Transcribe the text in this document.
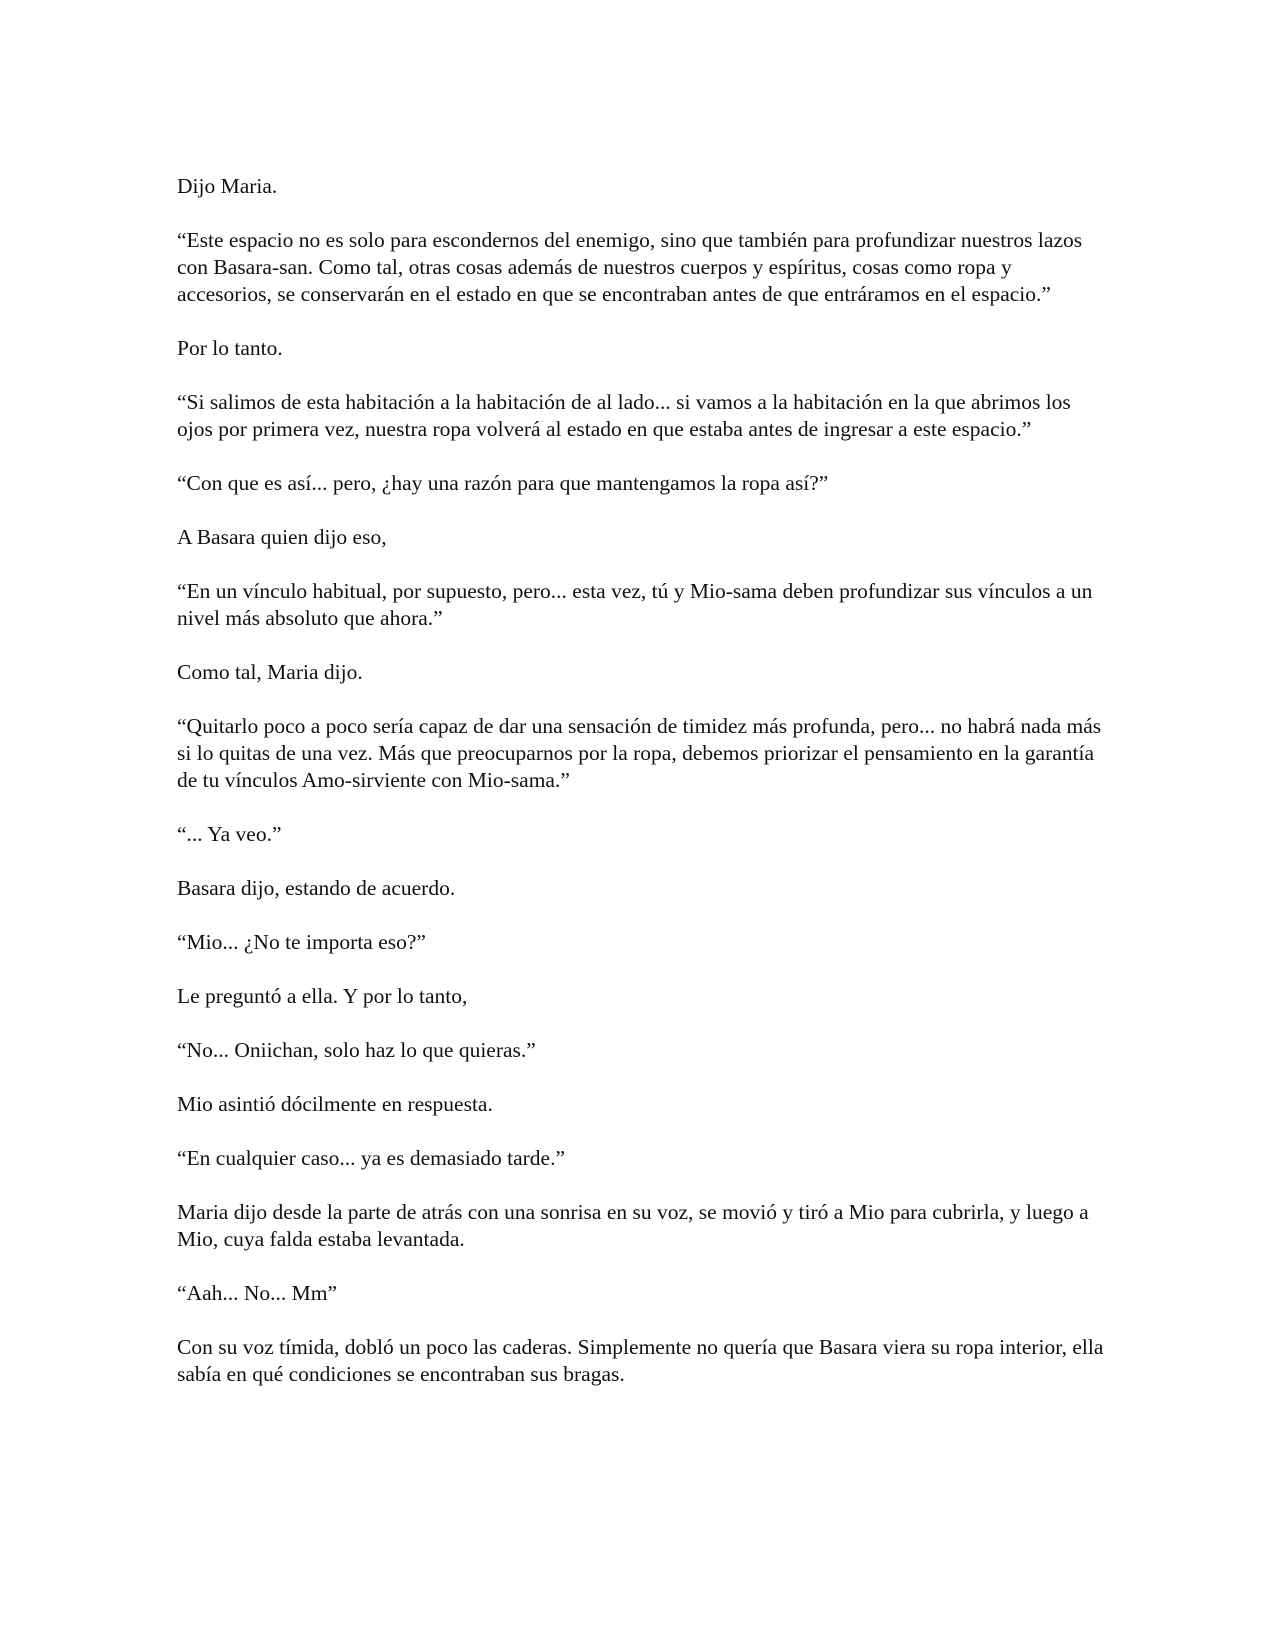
Dijo Maria.

“Este espacio no es solo para escondernos del enemigo, sino que también para profundizar nuestros lazos con Basara-san. Como tal, otras cosas además de nuestros cuerpos y espíritus, cosas como ropa y accesorios, se conservarán en el estado en que se encontraban antes de que entráramos en el espacio.”

Por lo tanto.

“Si salimos de esta habitación a la habitación de al lado... si vamos a la habitación en la que abrimos los ojos por primera vez, nuestra ropa volverá al estado en que estaba antes de ingresar a este espacio.”

“Con que es así... pero, ¿hay una razón para que mantengamos la ropa así?”

A Basara quien dijo eso,

“En un vínculo habitual, por supuesto, pero... esta vez, tú y Mio-sama deben profundizar sus vínculos a un nivel más absoluto que ahora.”

Como tal, Maria dijo.

“Quitarlo poco a poco sería capaz de dar una sensación de timidez más profunda, pero... no habrá nada más si lo quitas de una vez. Más que preocuparnos por la ropa, debemos priorizar el pensamiento en la garantía de tu vínculos Amo-sirviente con Mio-sama.”

“... Ya veo.”

Basara dijo, estando de acuerdo.

“Mio... ¿No te importa eso?”

Le preguntó a ella. Y por lo tanto,

“No... Oniichan, solo haz lo que quieras.”

Mio asintió dócilmente en respuesta.

“En cualquier caso... ya es demasiado tarde.”

Maria dijo desde la parte de atrás con una sonrisa en su voz, se movió y tiró a Mio para cubrirla, y luego a Mio, cuya falda estaba levantada.

“Aah... No... Mm”

Con su voz tímida, dobló un poco las caderas. Simplemente no quería que Basara viera su ropa interior, ella sabía en qué condiciones se encontraban sus bragas.
